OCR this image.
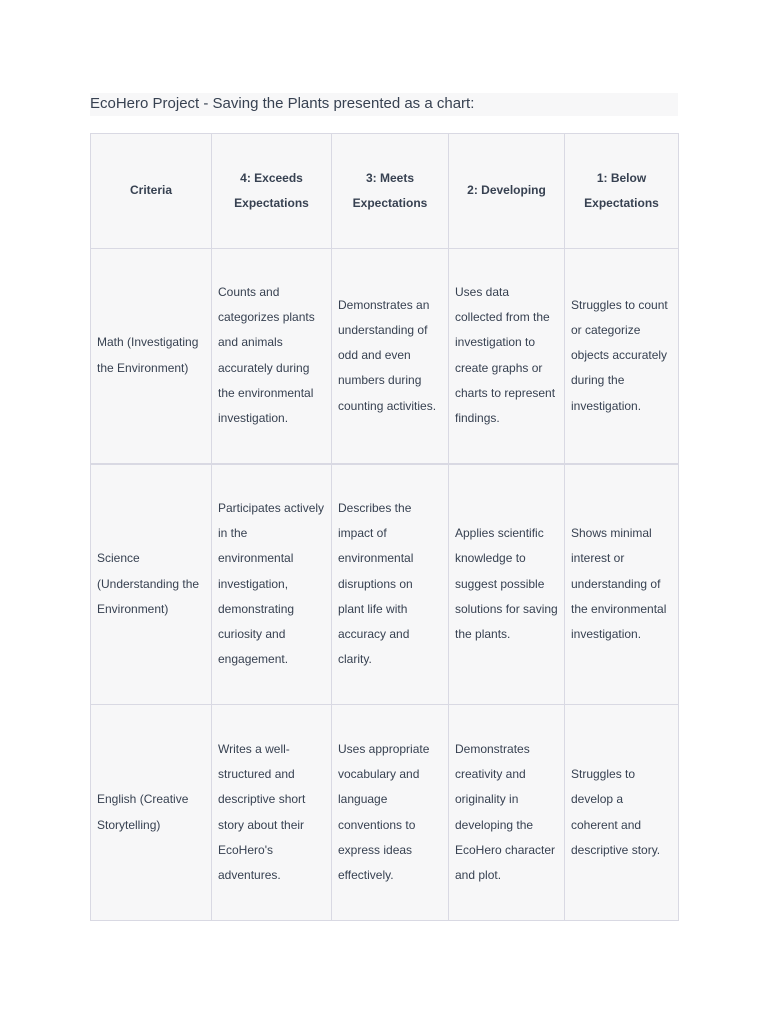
EcoHero Project - Saving the Plants presented as a chart:
Criteria	4: Exceeds Expectations	3: Meets Expectations	2: Developing	1: Below Expectations
Math (Investigating the Environment)	Counts and categorizes plants and animals accurately during the environmental investigation.	Demonstrates an understanding of odd and even numbers during counting activities.	Uses data collected from the investigation to create graphs or charts to represent findings.	Struggles to count or categorize objects accurately during the investigation.
Science (Understanding the Environment)	Participates actively in the environmental investigation, demonstrating curiosity and engagement.	Describes the impact of environmental disruptions on plant life with accuracy and clarity.	Applies scientific knowledge to suggest possible solutions for saving the plants.	Shows minimal interest or understanding of the environmental investigation.
English (Creative Storytelling)	Writes a well-structured and descriptive short story about their EcoHero's adventures.	Uses appropriate vocabulary and language conventions to express ideas effectively.	Demonstrates creativity and originality in developing the EcoHero character and plot.	Struggles to develop a coherent and descriptive story.
